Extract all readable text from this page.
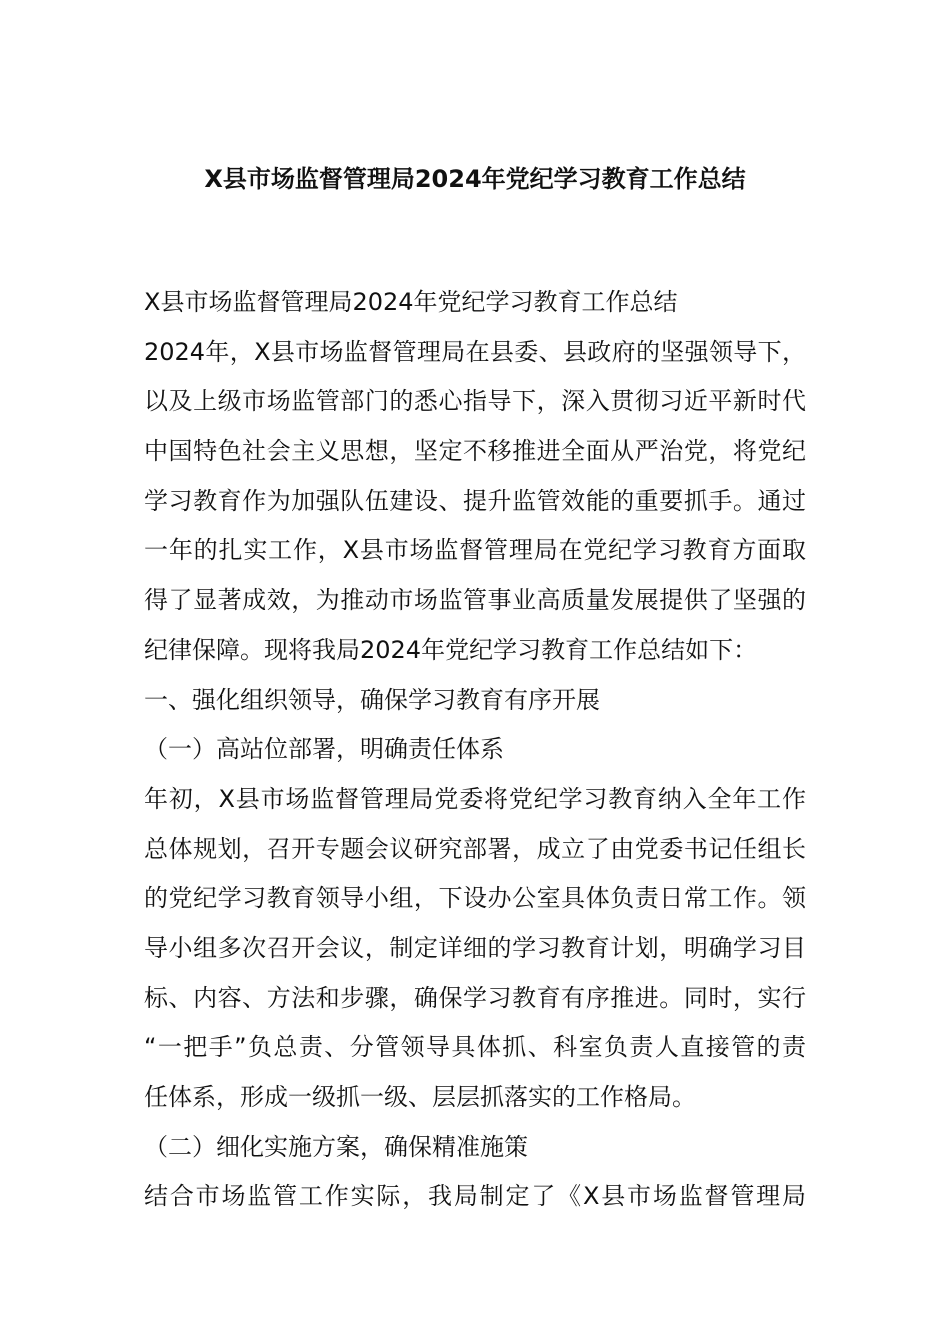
X县市场监督管理局2024年党纪学习教育工作总结
X县市场监督管理局2024年党纪学习教育工作总结
2024年，X县市场监督管理局在县委、县政府的坚强领导下，
以及上级市场监管部门的悉心指导下，深入贯彻习近平新时代
中国特色社会主义思想，坚定不移推进全面从严治党，将党纪
学习教育作为加强队伍建设、提升监管效能的重要抓手。通过
一年的扎实工作，X县市场监督管理局在党纪学习教育方面取
得了显著成效，为推动市场监管事业高质量发展提供了坚强的
纪律保障。现将我局2024年党纪学习教育工作总结如下：
一、强化组织领导，确保学习教育有序开展
（一）高站位部署，明确责任体系
年初，X县市场监督管理局党委将党纪学习教育纳入全年工作
总体规划，召开专题会议研究部署，成立了由党委书记任组长
的党纪学习教育领导小组，下设办公室具体负责日常工作。领
导小组多次召开会议，制定详细的学习教育计划，明确学习目
标、内容、方法和步骤，确保学习教育有序推进。同时，实行
“一把手”负总责、分管领导具体抓、科室负责人直接管的责
任体系，形成一级抓一级、层层抓落实的工作格局。
（二）细化实施方案，确保精准施策
结合市场监管工作实际，我局制定了《X县市场监督管理局
